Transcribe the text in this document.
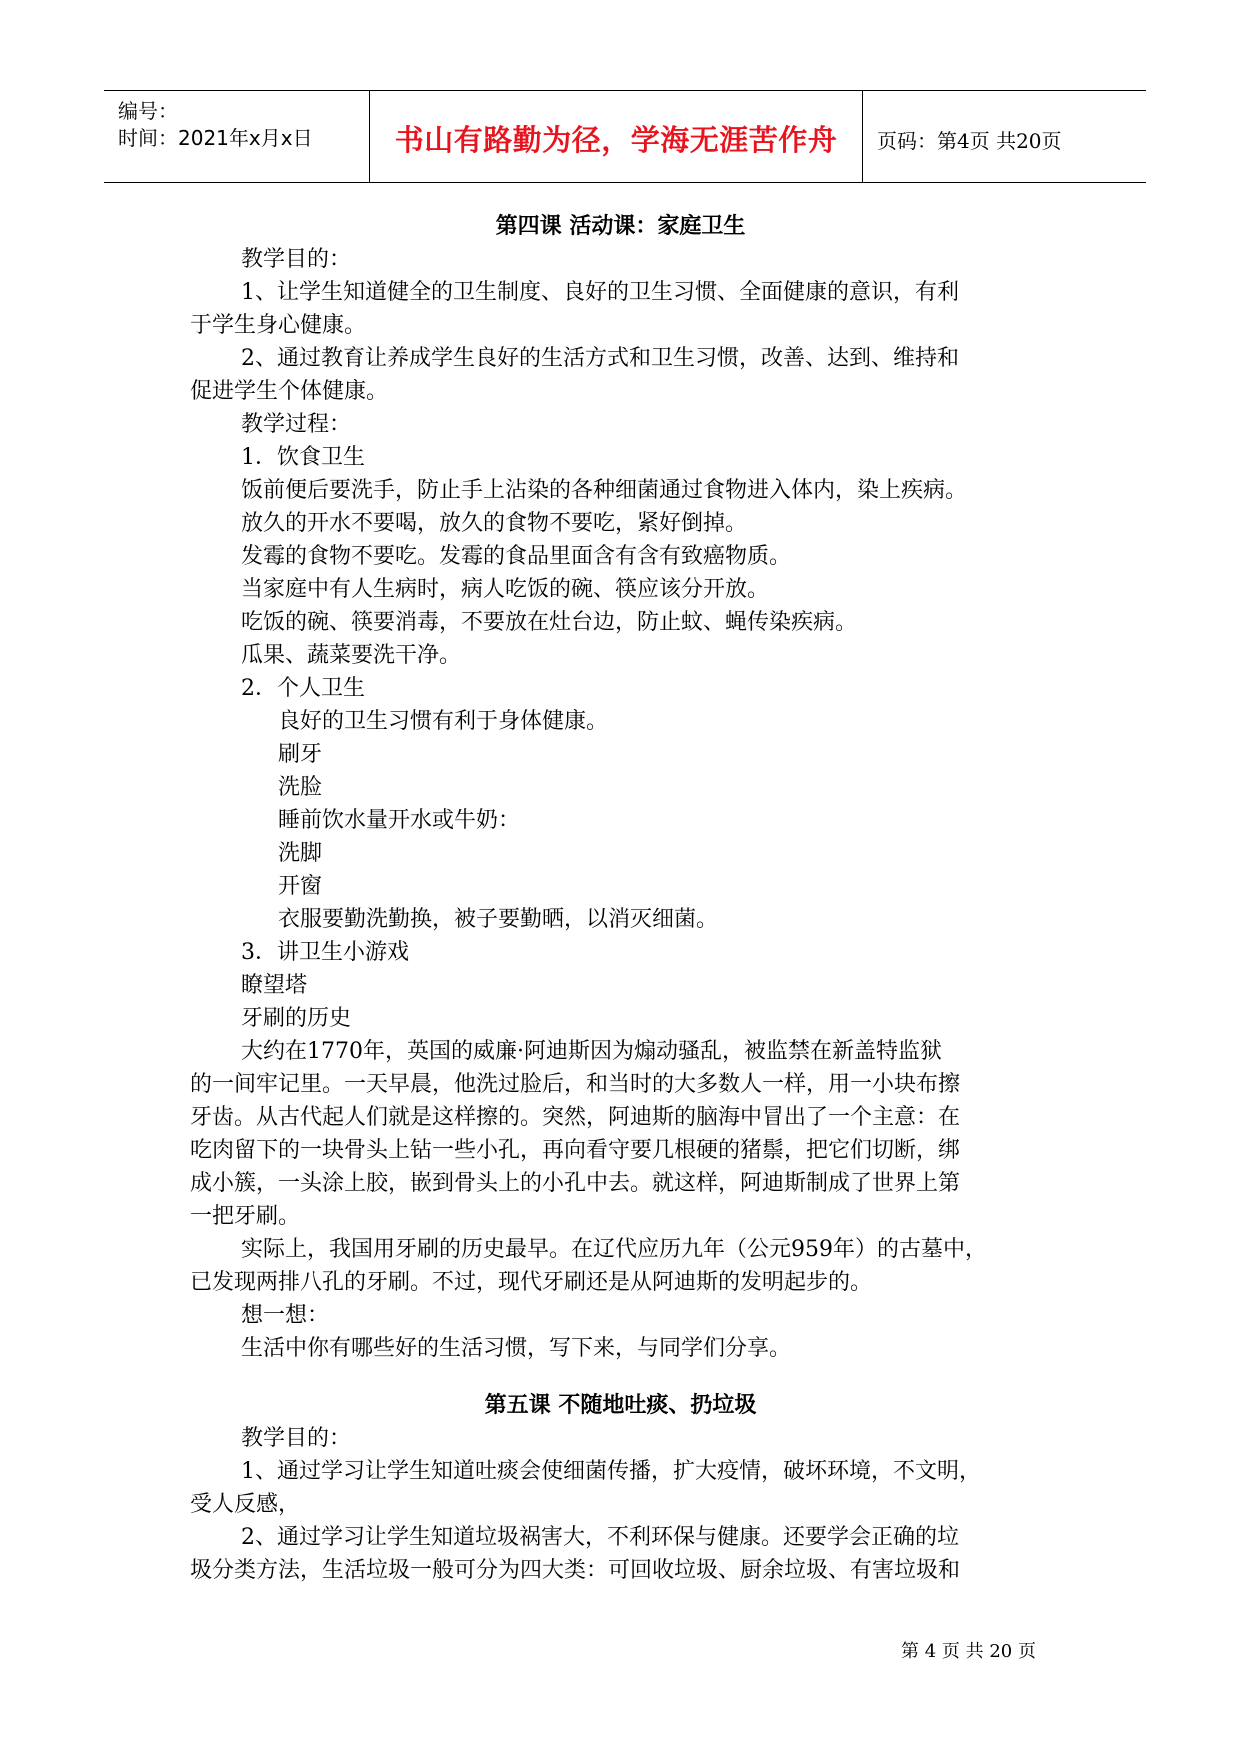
编号：
时间：2021年x月x日	书山有路勤为径，学海无涯苦作舟	页码：第4页 共20页
第四课 活动课：家庭卫生
教学目的：
1、让学生知道健全的卫生制度、良好的卫生习惯、全面健康的意识，有利
于学生身心健康。
2、通过教育让养成学生良好的生活方式和卫生习惯，改善、达到、维持和
促进学生个体健康。
教学过程：
1．饮食卫生
饭前便后要洗手，防止手上沾染的各种细菌通过食物进入体内，染上疾病。
放久的开水不要喝，放久的食物不要吃，紧好倒掉。
发霉的食物不要吃。发霉的食品里面含有含有致癌物质。
当家庭中有人生病时，病人吃饭的碗、筷应该分开放。
吃饭的碗、筷要消毒，不要放在灶台边，防止蚊、蝇传染疾病。
瓜果、蔬菜要洗干净。
2．个人卫生
良好的卫生习惯有利于身体健康。
刷牙
洗脸
睡前饮水量开水或牛奶：
洗脚
开窗
衣服要勤洗勤换，被子要勤晒，以消灭细菌。
3．讲卫生小游戏
瞭望塔
牙刷的历史
大约在1770年，英国的威廉·阿迪斯因为煽动骚乱，被监禁在新盖特监狱
的一间牢记里。一天早晨，他洗过脸后，和当时的大多数人一样，用一小块布擦
牙齿。从古代起人们就是这样擦的。突然，阿迪斯的脑海中冒出了一个主意：在
吃肉留下的一块骨头上钻一些小孔，再向看守要几根硬的猪鬃，把它们切断，绑
成小簇，一头涂上胶，嵌到骨头上的小孔中去。就这样，阿迪斯制成了世界上第
一把牙刷。
实际上，我国用牙刷的历史最早。在辽代应历九年（公元959年）的古墓中，
已发现两排八孔的牙刷。不过，现代牙刷还是从阿迪斯的发明起步的。
想一想：
生活中你有哪些好的生活习惯，写下来，与同学们分享。
第五课 不随地吐痰、扔垃圾
教学目的：
1、通过学习让学生知道吐痰会使细菌传播，扩大疫情，破坏环境，不文明，
受人反感，
2、通过学习让学生知道垃圾祸害大，不利环保与健康。还要学会正确的垃
圾分类方法，生活垃圾一般可分为四大类：可回收垃圾、厨余垃圾、有害垃圾和
第 4 页 共 20 页
